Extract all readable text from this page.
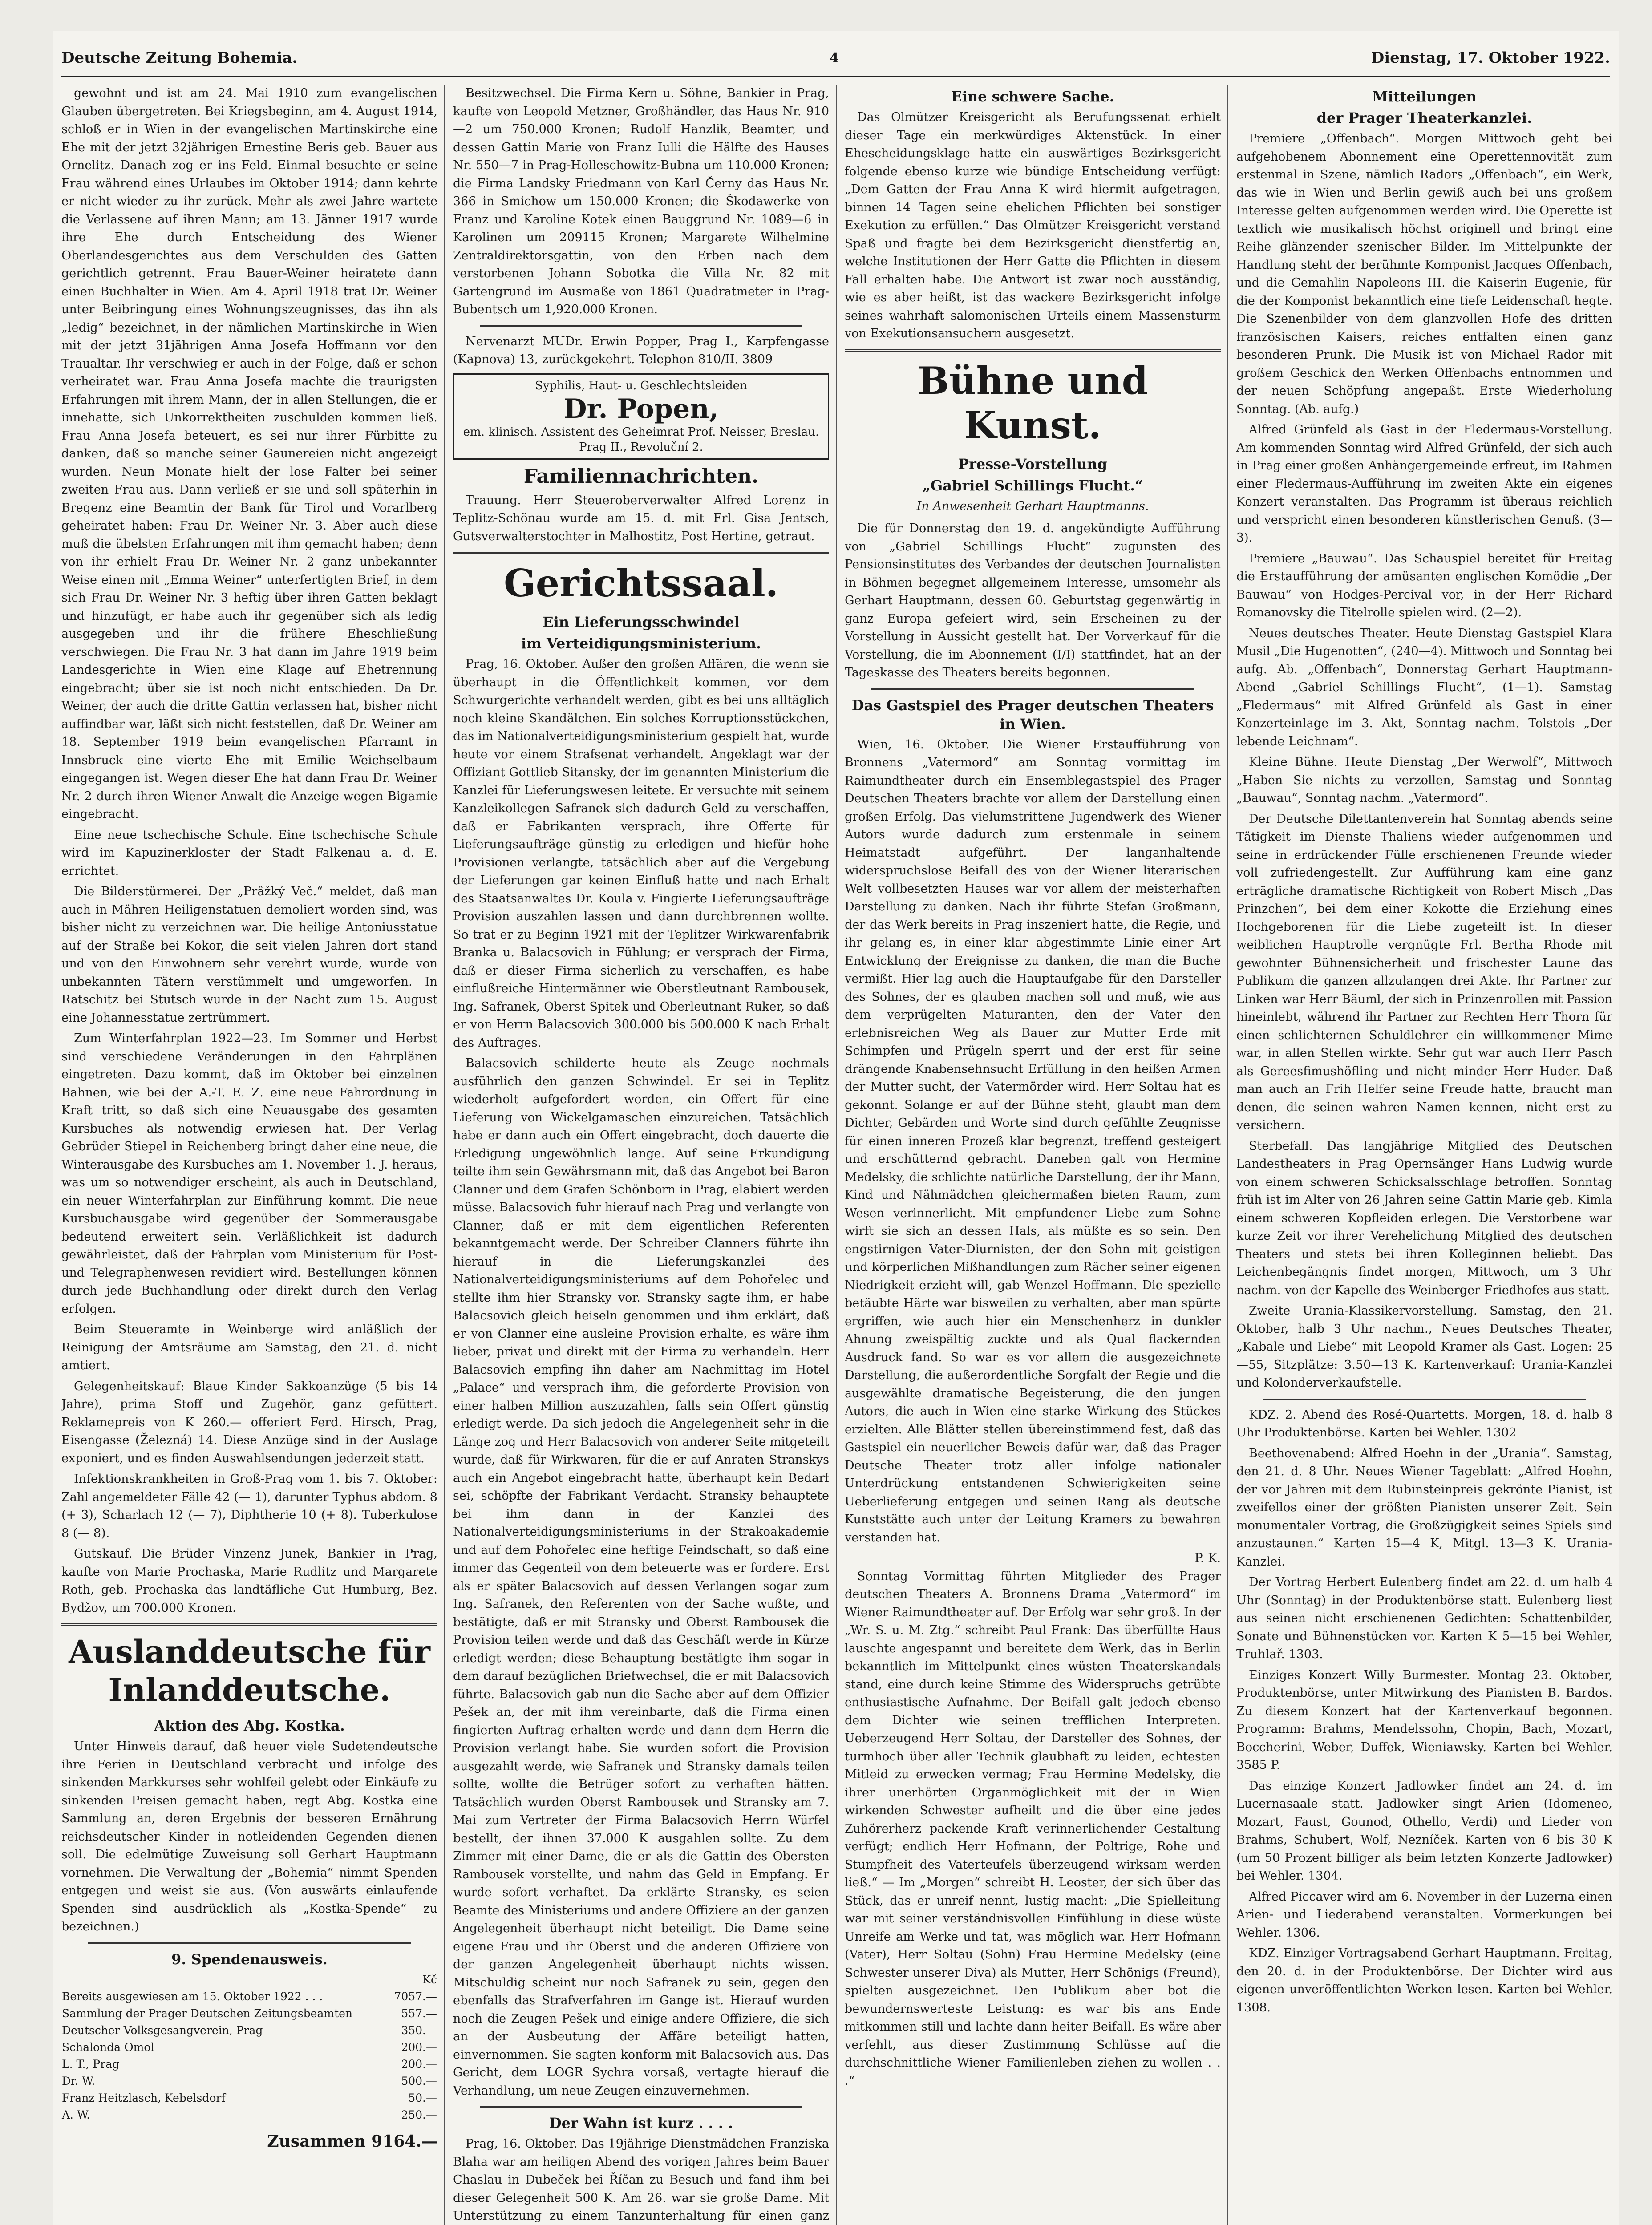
Deutsche Zeitung Bohemia.	4	Dienstag, 17. Oktober 1922.

gewohnt und ist am 24. Mai 1910 zum evangelischen Glauben übergetreten. Bei Kriegsbeginn, am 4. August 1914, schloß er in Wien in der evangelischen Martinskirche eine Ehe mit der jetzt 32jährigen Ernestine Beris geb. Bauer aus Ornelitz. Danach zog er ins Feld. Einmal besuchte er seine Frau während eines Urlaubes im Oktober 1914; dann kehrte er nicht wieder zu ihr zurück. Mehr als zwei Jahre wartete die Verlassene auf ihren Mann; am 13. Jänner 1917 wurde ihre Ehe durch Entscheidung des Wiener Oberlandesgerichtes aus dem Verschulden des Gatten gerichtlich getrennt. Frau Bauer-Weiner heiratete dann einen Buchhalter in Wien. Am 4. April 1918 trat Dr. Weiner unter Beibringung eines Wohnungszeugnisses, das ihn als „ledig“ bezeichnet, in der nämlichen Martinskirche in Wien mit der jetzt 31jährigen Anna Josefa Hoffmann vor den Traualtar. Ihr verschwieg er auch in der Folge, daß er schon verheiratet war. Frau Anna Josefa machte die traurigsten Erfahrungen mit ihrem Mann, der in allen Stellungen, die er innehatte, sich Unkorrektheiten zuschulden kommen ließ. Frau Anna Josefa beteuert, es sei nur ihrer Fürbitte zu danken, daß so manche seiner Gaunereien nicht angezeigt wurden. Neun Monate hielt der lose Falter bei seiner zweiten Frau aus. Dann verließ er sie und soll späterhin in Bregenz eine Beamtin der Bank für Tirol und Vorarlberg geheiratet haben: Frau Dr. Weiner Nr. 3. Aber auch diese muß die übelsten Erfahrungen mit ihm gemacht haben; denn von ihr erhielt Frau Dr. Weiner Nr. 2 ganz unbekannter Weise einen mit „Emma Weiner“ unterfertigten Brief, in dem sich Frau Dr. Weiner Nr. 3 heftig über ihren Gatten beklagt und hinzufügt, er habe auch ihr gegenüber sich als ledig ausgegeben und ihr die frühere Eheschließung verschwiegen. Die Frau Nr. 3 hat dann im Jahre 1919 beim Landesgerichte in Wien eine Klage auf Ehetrennung eingebracht; über sie ist noch nicht entschieden. Da Dr. Weiner, der auch die dritte Gattin verlassen hat, bisher nicht auffindbar war, läßt sich nicht feststellen, daß Dr. Weiner am 18. September 1919 beim evangelischen Pfarramt in Innsbruck eine vierte Ehe mit Emilie Weichselbaum eingegangen ist. Wegen dieser Ehe hat dann Frau Dr. Weiner Nr. 2 durch ihren Wiener Anwalt die Anzeige wegen Bigamie eingebracht.

Eine neue tschechische Schule. Eine tschechische Schule wird im Kapuzinerkloster der Stadt Falkenau a. d. E. errichtet.

Die Bilderstürmerei. Der „Prâžký Več.“ meldet, daß man auch in Mähren Heiligenstatuen demoliert worden sind, was bisher nicht zu verzeichnen war. Die heilige Antoniusstatue auf der Straße bei Kokor, die seit vielen Jahren dort stand und von den Einwohnern sehr verehrt wurde, wurde von unbekannten Tätern verstümmelt und umgeworfen. In Ratschitz bei Stutsch wurde in der Nacht zum 15. August eine Johannesstatue zertrümmert.

Zum Winterfahrplan 1922—23. Im Sommer und Herbst sind verschiedene Veränderungen in den Fahrplänen eingetreten. Dazu kommt, daß im Oktober bei einzelnen Bahnen, wie bei der A.-T. E. Z. eine neue Fahrordnung in Kraft tritt, so daß sich eine Neuausgabe des gesamten Kursbuches als notwendig erwiesen hat. Der Verlag Gebrüder Stiepel in Reichenberg bringt daher eine neue, die Winterausgabe des Kursbuches am 1. November 1. J. heraus, was um so notwendiger erscheint, als auch in Deutschland, ein neuer Winterfahrplan zur Einführung kommt. Die neue Kursbuchausgabe wird gegenüber der Sommerausgabe bedeutend erweitert sein. Verläßlichkeit ist dadurch gewährleistet, daß der Fahrplan vom Ministerium für Post- und Telegraphenwesen revidiert wird. Bestellungen können durch jede Buchhandlung oder direkt durch den Verlag erfolgen.

Beim Steueramte in Weinberge wird anläßlich der Reinigung der Amtsräume am Samstag, den 21. d. nicht amtiert.

Gelegenheitskauf: Blaue Kinder Sakkoanzüge (5 bis 14 Jahre), prima Stoff und Zugehör, ganz gefüttert. Reklamepreis von K 260.— offeriert Ferd. Hirsch, Prag, Eisengasse (Železná) 14. Diese Anzüge sind in der Auslage exponiert, und es finden Auswahlsendungen jederzeit statt.

Infektionskrankheiten in Groß-Prag vom 1. bis 7. Oktober: Zahl angemeldeter Fälle 42 (— 1), darunter Typhus abdom. 8 (+ 3), Scharlach 12 (— 7), Diphtherie 10 (+ 8). Tuberkulose 8 (— 8).

Gutskauf. Die Brüder Vinzenz Junek, Bankier in Prag, kaufte von Marie Prochaska, Marie Rudlitz und Margarete Roth, geb. Prochaska das landtäfliche Gut Humburg, Bez. Bydžov, um 700.000 Kronen.

Auslanddeutsche für Inlanddeutsche.
Aktion des Abg. Kostka.

Unter Hinweis darauf, daß heuer viele Sudetendeutsche ihre Ferien in Deutschland verbracht und infolge des sinkenden Markkurses sehr wohlfeil gelebt oder Einkäufe zu sinkenden Preisen gemacht haben, regt Abg. Kostka eine Sammlung an, deren Ergebnis der besseren Ernährung reichsdeutscher Kinder in notleidenden Gegenden dienen soll. Die edelmütige Zuweisung soll Gerhart Hauptmann vornehmen. Die Verwaltung der „Bohemia“ nimmt Spenden entgegen und weist sie aus. (Von auswärts einlaufende Spenden sind ausdrücklich als „Kostka-Spende“ zu bezeichnen.)

9. Spendenausweis.
	Kč
Bereits ausgewiesen am 15. Oktober 1922 . . .	7057.—
Sammlung der Prager Deutschen Zeitungsbeamten	557.—
Deutscher Volksgesangverein, Prag	350.—
Schalonda Omol	200.—
L. T., Prag	200.—
Dr. W.	500.—
Franz Heitzlasch, Kebelsdorf	50.—
A. W.	250.—
Zusammen 9164.—

Besitzwechsel. Die Firma Kern u. Söhne, Bankier in Prag, kaufte von Leopold Metzner, Großhändler, das Haus Nr. 910—2 um 750.000 Kronen; Rudolf Hanzlik, Beamter, und dessen Gattin Marie von Franz Iulli die Hälfte des Hauses Nr. 550—7 in Prag-Holleschowitz-Bubna um 110.000 Kronen; die Firma Landsky Friedmann von Karl Černy das Haus Nr. 366 in Smichow um 150.000 Kronen; die Škodawerke von Franz und Karoline Kotek einen Bauggrund Nr. 1089—6 in Karolinen um 209115 Kronen; Margarete Wilhelmine Zentraldirektorsgattin, von den Erben nach dem verstorbenen Johann Sobotka die Villa Nr. 82 mit Gartengrund im Ausmaße von 1861 Quadratmeter in Prag-Bubentsch um 1,920.000 Kronen.

Nervenarzt MUDr. Erwin Popper, Prag I., Karpfengasse (Kapnova) 13, zurückgekehrt. Telephon 810/II. 3809

Syphilis, Haut- u. Geschlechtsleiden
Dr. Popen,
em. klinisch. Assistent des Geheimrat Prof. Neisser, Breslau. Prag II., Revoluční 2.
Familiennachrichten.

Trauung. Herr Steueroberverwalter Alfred Lorenz in Teplitz-Schönau wurde am 15. d. mit Frl. Gisa Jentsch, Gutsverwalterstochter in Malhostitz, Post Hertine, getraut.

Gerichtssaal.
Ein Lieferungsschwindel
im Verteidigungsministerium.

Prag, 16. Oktober. Außer den großen Affären, die wenn sie überhaupt in die Öffentlichkeit kommen, vor dem Schwurgerichte verhandelt werden, gibt es bei uns alltäglich noch kleine Skandälchen. Ein solches Korruptionsstückchen, das im Nationalverteidigungsministerium gespielt hat, wurde heute vor einem Strafsenat verhandelt. Angeklagt war der Offiziant Gottlieb Sitansky, der im genannten Ministerium die Kanzlei für Lieferungswesen leitete. Er versuchte mit seinem Kanzleikollegen Safranek sich dadurch Geld zu verschaffen, daß er Fabrikanten versprach, ihre Offerte für Lieferungsaufträge günstig zu erledigen und hiefür hohe Provisionen verlangte, tatsächlich aber auf die Vergebung der Lieferungen gar keinen Einfluß hatte und nach Erhalt des Staatsanwaltes Dr. Koula v. Fingierte Lieferungsaufträge Provision auszahlen lassen und dann durchbrennen wollte. So trat er zu Beginn 1921 mit der Teplitzer Wirkwarenfabrik Branka u. Balacsovich in Fühlung; er versprach der Firma, daß er dieser Firma sicherlich zu verschaffen, es habe einflußreiche Hintermänner wie Oberstleutnant Rambousek, Ing. Safranek, Oberst Spitek und Oberleutnant Ruker, so daß er von Herrn Balacsovich 300.000 bis 500.000 K nach Erhalt des Auftrages.

Balacsovich schilderte heute als Zeuge nochmals ausführlich den ganzen Schwindel. Er sei in Teplitz wiederholt aufgefordert worden, ein Offert für eine Lieferung von Wickelgamaschen einzureichen. Tatsächlich habe er dann auch ein Offert eingebracht, doch dauerte die Erledigung ungewöhnlich lange. Auf seine Erkundigung teilte ihm sein Gewährsmann mit, daß das Angebot bei Baron Clanner und dem Grafen Schönborn in Prag, elabiert werden müsse. Balacsovich fuhr hierauf nach Prag und verlangte von Clanner, daß er mit dem eigentlichen Referenten bekanntgemacht werde. Der Schreiber Clanners führte ihn hierauf in die Lieferungskanzlei des Nationalverteidigungsministeriums auf dem Pohořelec und stellte ihm hier Stransky vor. Stransky sagte ihm, er habe Balacsovich gleich heiseln genommen und ihm erklärt, daß er von Clanner eine ausleine Provision erhalte, es wäre ihm lieber, privat und direkt mit der Firma zu verhandeln. Herr Balacsovich empfing ihn daher am Nachmittag im Hotel „Palace“ und versprach ihm, die geforderte Provision von einer halben Million auszuzahlen, falls sein Offert günstig erledigt werde. Da sich jedoch die Angelegenheit sehr in die Länge zog und Herr Balacsovich von anderer Seite mitgeteilt wurde, daß für Wirkwaren, für die er auf Anraten Stranskys auch ein Angebot eingebracht hatte, überhaupt kein Bedarf sei, schöpfte der Fabrikant Verdacht. Stransky behauptete bei ihm dann in der Kanzlei des Nationalverteidigungsministeriums in der Strakoakademie und auf dem Pohořelec eine heftige Feindschaft, so daß eine immer das Gegenteil von dem beteuerte was er fordere. Erst als er später Balacsovich auf dessen Verlangen sogar zum Ing. Safranek, den Referenten von der Sache wußte, und bestätigte, daß er mit Stransky und Oberst Rambousek die Provision teilen werde und daß das Geschäft werde in Kürze erledigt werden; diese Behauptung bestätigte ihm sogar in dem darauf bezüglichen Briefwechsel, die er mit Balacsovich führte. Balacsovich gab nun die Sache aber auf dem Offizier Pešek an, der mit ihm vereinbarte, daß die Firma einen fingierten Auftrag erhalten werde und dann dem Herrn die Provision verlangt habe. Sie wurden sofort die Provision ausgezahlt werde, wie Safranek und Stransky damals teilen sollte, wollte die Betrüger sofort zu verhaften hätten. Tatsächlich wurden Oberst Rambousek und Stransky am 7. Mai zum Vertreter der Firma Balacsovich Herrn Würfel bestellt, der ihnen 37.000 K ausgahlen sollte. Zu dem Zimmer mit einer Dame, die er als die Gattin des Obersten Rambousek vorstellte, und nahm das Geld in Empfang. Er wurde sofort verhaftet. Da erklärte Stransky, es seien Beamte des Ministeriums und andere Offiziere an der ganzen Angelegenheit überhaupt nicht beteiligt. Die Dame seine eigene Frau und ihr Oberst und die anderen Offiziere von der ganzen Angelegenheit überhaupt nichts wissen. Mitschuldig scheint nur noch Safranek zu sein, gegen den ebenfalls das Strafverfahren im Gange ist. Hierauf wurden noch die Zeugen Pešek und einige andere Offiziere, die sich an der Ausbeutung der Affäre beteiligt hatten, einvernommen. Sie sagten konform mit Balacsovich aus. Das Gericht, dem LOGR Sychra vorsaß, vertagte hierauf die Verhandlung, um neue Zeugen einzuvernehmen.

Der Wahn ist kurz . . . .

Prag, 16. Oktober. Das 19jährige Dienstmädchen Franziska Blaha war am heiligen Abend des vorigen Jahres beim Bauer Chaslau in Dubeček bei Říčan zu Besuch und fand ihm bei dieser Gelegenheit 500 K. Am 26. war sie große Dame. Mit Unterstützung zu einem Tanzunterhaltung für einen ganz

Eine schwere Sache.

Das Olmützer Kreisgericht als Berufungssenat erhielt dieser Tage ein merkwürdiges Aktenstück. In einer Ehescheidungsklage hatte ein auswärtiges Bezirksgericht folgende ebenso kurze wie bündige Entscheidung verfügt: „Dem Gatten der Frau Anna K wird hiermit aufgetragen, binnen 14 Tagen seine ehelichen Pflichten bei sonstiger Exekution zu erfüllen.“ Das Olmützer Kreisgericht verstand Spaß und fragte bei dem Bezirksgericht dienstfertig an, welche Institutionen der Herr Gatte die Pflichten in diesem Fall erhalten habe. Die Antwort ist zwar noch ausständig, wie es aber heißt, ist das wackere Bezirksgericht infolge seines wahrhaft salomonischen Urteils einem Massensturm von Exekutionsansuchern ausgesetzt.

Bühne und Kunst.
Presse-Vorstellung
„Gabriel Schillings Flucht.“
In Anwesenheit Gerhart Hauptmanns.

Die für Donnerstag den 19. d. angekündigte Aufführung von „Gabriel Schillings Flucht“ zugunsten des Pensionsinstitutes des Verbandes der deutschen Journalisten in Böhmen begegnet allgemeinem Interesse, umsomehr als Gerhart Hauptmann, dessen 60. Geburtstag gegenwärtig in ganz Europa gefeiert wird, sein Erscheinen zu der Vorstellung in Aussicht gestellt hat. Der Vorverkauf für die Vorstellung, die im Abonnement (I/I) stattfindet, hat an der Tageskasse des Theaters bereits begonnen.

Das Gastspiel des Prager deutschen Theaters in Wien.

Wien, 16. Oktober. Die Wiener Erstaufführung von Bronnens „Vatermord“ am Sonntag vormittag im Raimundtheater durch ein Ensemblegastspiel des Prager Deutschen Theaters brachte vor allem der Darstellung einen großen Erfolg. Das vielumstrittene Jugendwerk des Wiener Autors wurde dadurch zum erstenmale in seinem Heimatstadt aufgeführt. Der langanhaltende widerspruchslose Beifall des von der Wiener literarischen Welt vollbesetzten Hauses war vor allem der meisterhaften Darstellung zu danken. Nach ihr führte Stefan Großmann, der das Werk bereits in Prag inszeniert hatte, die Regie, und ihr gelang es, in einer klar abgestimmte Linie einer Art Entwicklung der Ereignisse zu danken, die man die Buche vermißt. Hier lag auch die Hauptaufgabe für den Darsteller des Sohnes, der es glauben machen soll und muß, wie aus dem verprügelten Maturanten, den der Vater den erlebnisreichen Weg als Bauer zur Mutter Erde mit Schimpfen und Prügeln sperrt und der erst für seine drängende Knabensehnsucht Erfüllung in den heißen Armen der Mutter sucht, der Vatermörder wird. Herr Soltau hat es gekonnt. Solange er auf der Bühne steht, glaubt man dem Dichter, Gebärden und Worte sind durch gefühlte Zeugnisse für einen inneren Prozeß klar begrenzt, treffend gesteigert und erschütternd gebracht. Daneben galt von Hermine Medelsky, die schlichte natürliche Darstellung, der ihr Mann, Kind und Nähmädchen gleichermaßen bieten Raum, zum Wesen verinnerlicht. Mit empfundener Liebe zum Sohne wirft sie sich an dessen Hals, als müßte es so sein. Den engstirnigen Vater-Diurnisten, der den Sohn mit geistigen und körperlichen Mißhandlungen zum Rächer seiner eigenen Niedrigkeit erzieht will, gab Wenzel Hoffmann. Die spezielle betäubte Härte war bisweilen zu verhalten, aber man spürte ergriffen, wie auch hier ein Menschenherz in dunkler Ahnung zweispältig zuckte und als Qual flackernden Ausdruck fand. So war es vor allem die ausgezeichnete Darstellung, die außerordentliche Sorgfalt der Regie und die ausgewählte dramatische Begeisterung, die den jungen Autors, die auch in Wien eine starke Wirkung des Stückes erzielten. Alle Blätter stellen übereinstimmend fest, daß das Gastspiel ein neuerlicher Beweis dafür war, daß das Prager Deutsche Theater trotz aller infolge nationaler Unterdrückung entstandenen Schwierigkeiten seine Ueberlieferung entgegen und seinen Rang als deutsche Kunststätte auch unter der Leitung Kramers zu bewahren verstanden hat.

P. K.

Sonntag Vormittag führten Mitglieder des Prager deutschen Theaters A. Bronnens Drama „Vatermord“ im Wiener Raimundtheater auf. Der Erfolg war sehr groß. In der „Wr. S. u. M. Ztg.“ schreibt Paul Frank: Das überfüllte Haus lauschte angespannt und bereitete dem Werk, das in Berlin bekanntlich im Mittelpunkt eines wüsten Theaterskandals stand, eine durch keine Stimme des Widerspruchs getrübte enthusiastische Aufnahme. Der Beifall galt jedoch ebenso dem Dichter wie seinen trefflichen Interpreten. Ueberzeugend Herr Soltau, der Darsteller des Sohnes, der turmhoch über aller Technik glaubhaft zu leiden, echtesten Mitleid zu erwecken vermag; Frau Hermine Medelsky, die ihrer unerhörten Organmöglichkeit mit der in Wien wirkenden Schwester aufheilt und die über eine jedes Zuhörerherz packende Kraft verinnerlichender Gestaltung verfügt; endlich Herr Hofmann, der Poltrige, Rohe und Stumpfheit des Vaterteufels überzeugend wirksam werden ließ.“ — Im „Morgen“ schreibt H. Leoster, der sich über das Stück, das er unreif nennt, lustig macht: „Die Spielleitung war mit seiner verständnisvollen Einfühlung in diese wüste Unreife am Werke und tat, was möglich war. Herr Hofmann (Vater), Herr Soltau (Sohn) Frau Hermine Medelsky (eine Schwester unserer Diva) als Mutter, Herr Schönigs (Freund), spielten ausgezeichnet. Den Publikum aber bot die bewundernswerteste Leistung: es war bis ans Ende mitkommen still und lachte dann heiter Beifall. Es wäre aber verfehlt, aus dieser Zustimmung Schlüsse auf die durchschnittliche Wiener Familienleben ziehen zu wollen . . .“

Mitteilungen
der Prager Theaterkanzlei.

Premiere „Offenbach“. Morgen Mittwoch geht bei aufgehobenem Abonnement eine Operettennovität zum erstenmal in Szene, nämlich Radors „Offenbach“, ein Werk, das wie in Wien und Berlin gewiß auch bei uns großem Interesse gelten aufgenommen werden wird. Die Operette ist textlich wie musikalisch höchst originell und bringt eine Reihe glänzender szenischer Bilder. Im Mittelpunkte der Handlung steht der berühmte Komponist Jacques Offenbach, und die Gemahlin Napoleons III. die Kaiserin Eugenie, für die der Komponist bekanntlich eine tiefe Leidenschaft hegte. Die Szenenbilder von dem glanzvollen Hofe des dritten französischen Kaisers, reiches entfalten einen ganz besonderen Prunk. Die Musik ist von Michael Rador mit großem Geschick den Werken Offenbachs entnommen und der neuen Schöpfung angepaßt. Erste Wiederholung Sonntag. (Ab. aufg.)

Alfred Grünfeld als Gast in der Fledermaus-Vorstellung. Am kommenden Sonntag wird Alfred Grünfeld, der sich auch in Prag einer großen Anhängergemeinde erfreut, im Rahmen einer Fledermaus-Aufführung im zweiten Akte ein eigenes Konzert veranstalten. Das Programm ist überaus reichlich und verspricht einen besonderen künstlerischen Genuß. (3—3).

Premiere „Bauwau“. Das Schauspiel bereitet für Freitag die Erstaufführung der amüsanten englischen Komödie „Der Bauwau“ von Hodges-Percival vor, in der Herr Richard Romanovsky die Titelrolle spielen wird. (2—2).

Neues deutsches Theater. Heute Dienstag Gastspiel Klara Musil „Die Hugenotten“, (240—4). Mittwoch und Sonntag bei aufg. Ab. „Offenbach“, Donnerstag Gerhart Hauptmann-Abend „Gabriel Schillings Flucht“, (1—1). Samstag „Fledermaus“ mit Alfred Grünfeld als Gast in einer Konzerteinlage im 3. Akt, Sonntag nachm. Tolstois „Der lebende Leichnam“.

Kleine Bühne. Heute Dienstag „Der Werwolf“, Mittwoch „Haben Sie nichts zu verzollen, Samstag und Sonntag „Bauwau“, Sonntag nachm. „Vatermord“.

Der Deutsche Dilettantenverein hat Sonntag abends seine Tätigkeit im Dienste Thaliens wieder aufgenommen und seine in erdrückender Fülle erschienenen Freunde wieder voll zufriedengestellt. Zur Aufführung kam eine ganz erträgliche dramatische Richtigkeit von Robert Misch „Das Prinzchen“, bei dem einer Kokotte die Erziehung eines Hochgeborenen für die Liebe zugeteilt ist. In dieser weiblichen Hauptrolle vergnügte Frl. Bertha Rhode mit gewohnter Bühnensicherheit und frischester Laune das Publikum die ganzen allzulangen drei Akte. Ihr Partner zur Linken war Herr Bäuml, der sich in Prinzenrollen mit Passion hineinlebt, während ihr Partner zur Rechten Herr Thorn für einen schlichternen Schuldlehrer ein willkommener Mime war, in allen Stellen wirkte. Sehr gut war auch Herr Pasch als Gereesfimushöfling und nicht minder Herr Huder. Daß man auch an Frih Helfer seine Freude hatte, braucht man denen, die seinen wahren Namen kennen, nicht erst zu versichern.

Sterbefall. Das langjährige Mitglied des Deutschen Landestheaters in Prag Opernsänger Hans Ludwig wurde von einem schweren Schicksalsschlage betroffen. Sonntag früh ist im Alter von 26 Jahren seine Gattin Marie geb. Kimla einem schweren Kopfleiden erlegen. Die Verstorbene war kurze Zeit vor ihrer Verehelichung Mitglied des deutschen Theaters und stets bei ihren Kolleginnen beliebt. Das Leichenbegängnis findet morgen, Mittwoch, um 3 Uhr nachm. von der Kapelle des Weinberger Friedhofes aus statt.

Zweite Urania-Klassikervorstellung. Samstag, den 21. Oktober, halb 3 Uhr nachm., Neues Deutsches Theater, „Kabale und Liebe“ mit Leopold Kramer als Gast. Logen: 25—55, Sitzplätze: 3.50—13 K. Kartenverkauf: Urania-Kanzlei und Kolonderverkaufstelle.

KDZ. 2. Abend des Rosé-Quartetts. Morgen, 18. d. halb 8 Uhr Produktenbörse. Karten bei Wehler. 1302

Beethovenabend: Alfred Hoehn in der „Urania“. Samstag, den 21. d. 8 Uhr. Neues Wiener Tageblatt: „Alfred Hoehn, der vor Jahren mit dem Rubinsteinpreis gekrönte Pianist, ist zweifellos einer der größten Pianisten unserer Zeit. Sein monumentaler Vortrag, die Großzügigkeit seines Spiels sind anzustaunen.“ Karten 15—4 K, Mitgl. 13—3 K. Urania-Kanzlei.

Der Vortrag Herbert Eulenberg findet am 22. d. um halb 4 Uhr (Sonntag) in der Produktenbörse statt. Eulenberg liest aus seinen nicht erschienenen Gedichten: Schattenbilder, Sonate und Bühnenstücken vor. Karten K 5—15 bei Wehler, Truhlař. 1303.

Einziges Konzert Willy Burmester. Montag 23. Oktober, Produktenbörse, unter Mitwirkung des Pianisten B. Bardos. Zu diesem Konzert hat der Kartenverkauf begonnen. Programm: Brahms, Mendelssohn, Chopin, Bach, Mozart, Boccherini, Weber, Duffek, Wieniawsky. Karten bei Wehler. 3585 P.

Das einzige Konzert Jadlowker findet am 24. d. im Lucernasaale statt. Jadlowker singt Arien (Idomeneo, Mozart, Faust, Gounod, Othello, Verdi) und Lieder von Brahms, Schubert, Wolf, Nezníček. Karten von 6 bis 30 K (um 50 Prozent billiger als beim letzten Konzerte Jadlowker) bei Wehler. 1304.

Alfred Piccaver wird am 6. November in der Luzerna einen Arien- und Liederabend veranstalten. Vormerkungen bei Wehler. 1306.

KDZ. Einziger Vortragsabend Gerhart Hauptmann. Freitag, den 20. d. in der Produktenbörse. Der Dichter wird aus eigenen unveröffentlichten Werken lesen. Karten bei Wehler. 1308.
